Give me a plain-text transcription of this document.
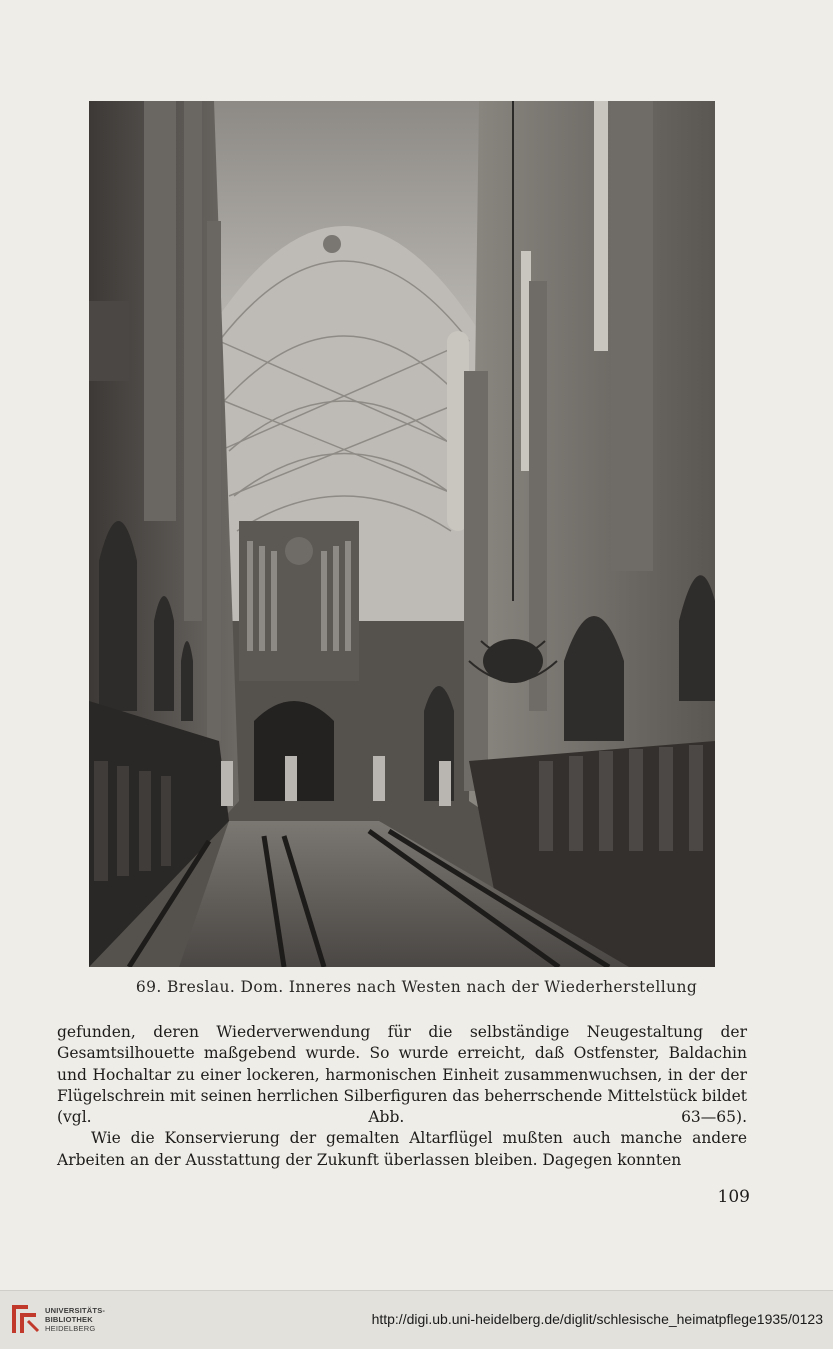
69. Breslau. Dom. Inneres nach Westen nach der Wiederherstellung

gefunden, deren Wiederverwendung für die selbständige Neugestaltung der Gesamtsilhouette maßgebend wurde. So wurde erreicht, daß Ostfenster, Baldachin und Hochaltar zu einer lockeren, harmonischen Einheit zusammenwuchsen, in der der Flügelschrein mit seinen herrlichen Silberfiguren das beherrschende Mittelstück bildet (vgl. Abb. 63—65).

Wie die Konservierung der gemalten Altarflügel mußten auch manche andere Arbeiten an der Ausstattung der Zukunft überlassen bleiben. Dagegen konnten

109
UNIVERSITÄTS-
BIBLIOTHEK
HEIDELBERG
http://digi.ub.uni-heidelberg.de/diglit/schlesische_heimatpflege1935/0123
